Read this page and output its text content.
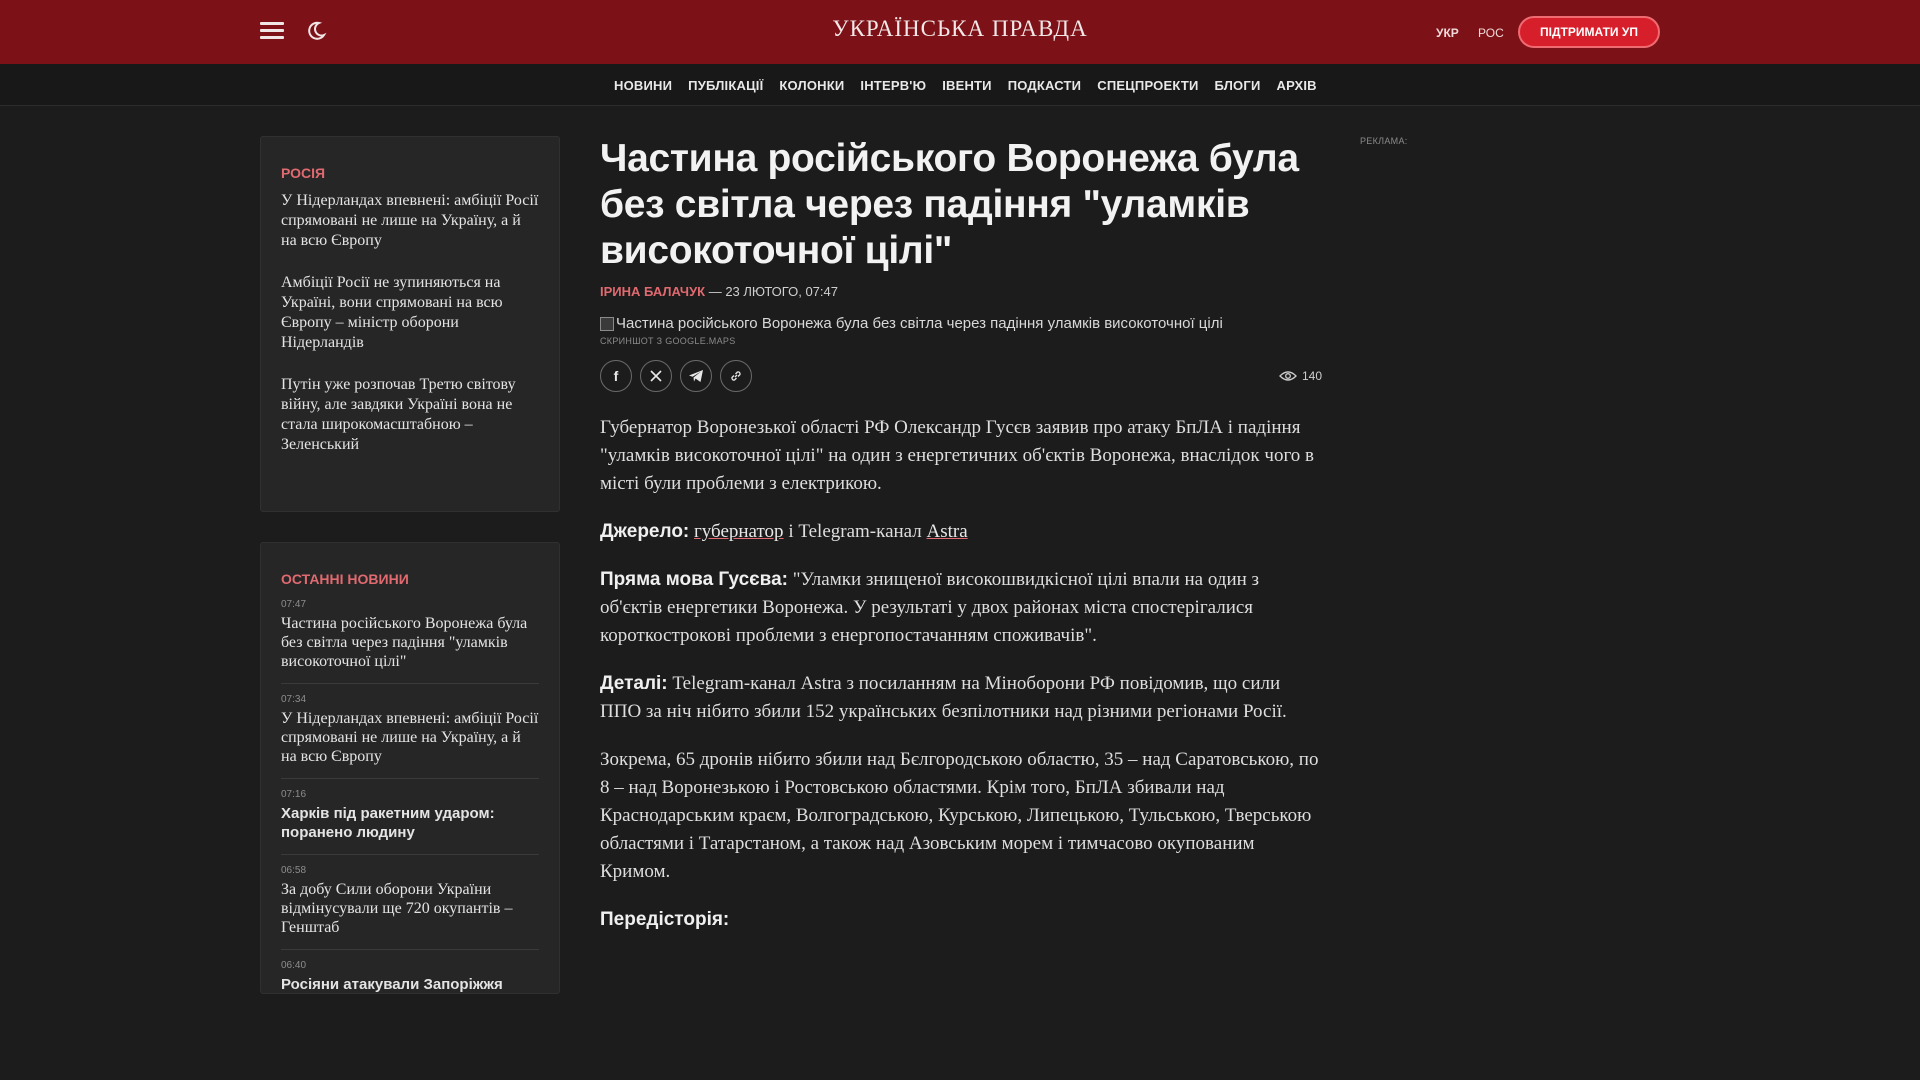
УКРАЇНСЬКА ПРАВДА	УКР РОС	ПІДТРИМАТИ УП
НОВИНИ ПУБЛІКАЦІЇ КОЛОНКИ ІНТЕРВ'Ю ІВЕНТИ ПОДКАСТИ СПЕЦПРОЕКТИ БЛОГИ АРХІВ
РОСІЯ
У Нідерландах впевнені: амбіції Росії спрямовані не лише на Україну, а й на всю Європу
Амбіції Росії не зупиняються на Україні, вони спрямовані на всю Європу – міністр оборони Нідерландів
Путін уже розпочав Третю світову війну, але завдяки Україні вона не стала широкомасштабною – Зеленський
ОСТАННІ НОВИНИ
07:47
Частина російського Воронежа була без світла через падіння "уламків високоточної цілі"
07:34
У Нідерландах впевнені: амбіції Росії спрямовані не лише на Україну, а й на всю Європу
07:16
Харків під ракетним ударом: поранено людину
06:58
За добу Сили оборони України відмінусували ще 720 окупантів – Генштаб
06:40
Росіяни атакували Запоріжжя
Частина російського Воронежа була без світла через падіння "уламків високоточної цілі"
ІРИНА БАЛАЧУК — 23 ЛЮТОГО, 07:47
Частина російського Воронежа була без світла через падіння уламків високоточної цілі
СКРИНШОТ З GOOGLE.MAPS
f	140

Губернатор Воронезької області РФ Олександр Гусєв заявив про атаку БпЛА і падіння "уламків високоточної цілі" на один з енергетичних об'єктів Воронежа, внаслідок чого в місті були проблеми з електрикою.

Джерело: губернатор і Telegram-канал Astra

Пряма мова Гусєва: "Уламки знищеної високошвидкісної цілі впали на один з об'єктів енергетики Воронежа. У результаті у двох районах міста спостерігалися короткострокові проблеми з енергопостачанням споживачів".

Деталі: Telegram-канал Astra з посиланням на Міноборони РФ повідомив, що сили ППО за ніч нібито збили 152 українських безпілотники над різними регіонами Росії.

Зокрема, 65 дронів нібито збили над Бєлгородською областю, 35 – над Саратовською, по 8 – над Воронезькою і Ростовською областями. Крім того, БпЛА збивали над Краснодарським краєм, Волгоградською, Курською, Липецькою, Тульською, Тверською областями і Татарстаном, а також над Азовським морем і тимчасово окупованим Кримом.

Передісторія:

РЕКЛАМА:
